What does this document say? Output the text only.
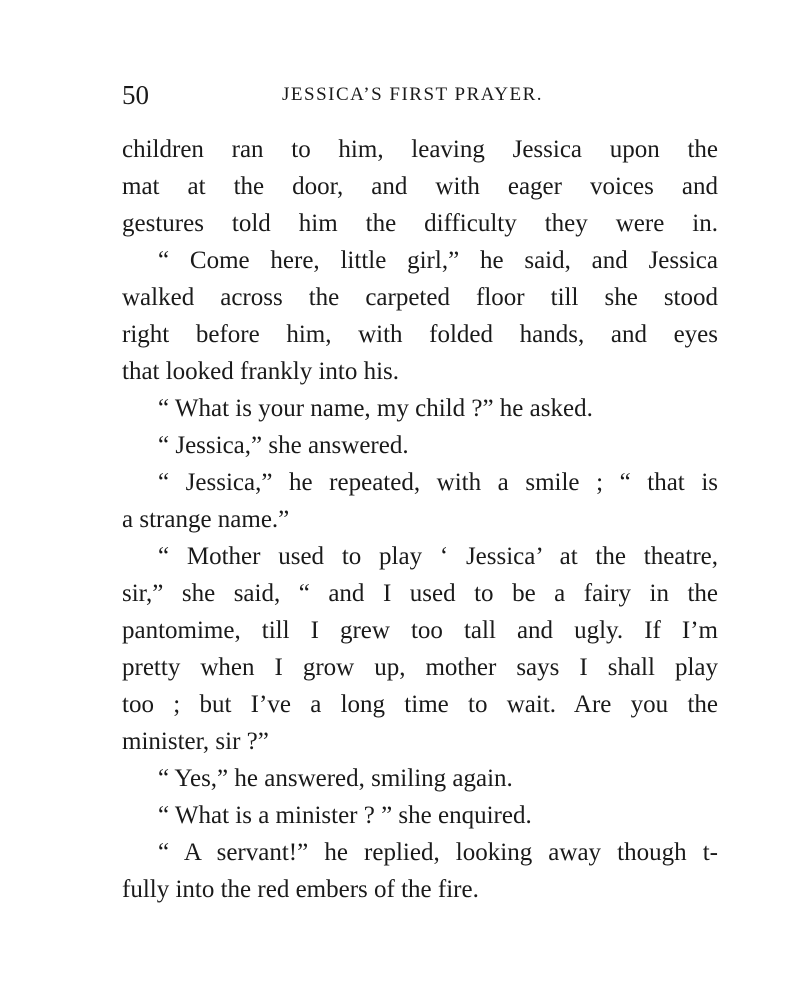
50	JESSICA’S FIRST PRAYER.
children ran to him, leaving Jessica upon the
mat at the door, and with eager voices and
gestures told him the difficulty they were in.
“ Come here, little girl,” he said, and Jessica
walked across the carpeted floor till she stood
right before him, with folded hands, and eyes
that looked frankly into his.
“ What is your name, my child ?” he asked.
“ Jessica,” she answered.
“ Jessica,” he repeated, with a smile ; “ that is
a strange name.”
“ Mother used to play ‘ Jessica’ at the theatre,
sir,” she said, “ and I used to be a fairy in the
pantomime, till I grew too tall and ugly. If I’m
pretty when I grow up, mother says I shall play
too ; but I’ve a long time to wait. Are you the
minister, sir ?”
“ Yes,” he answered, smiling again.
“ What is a minister ? ” she enquired.
“ A servant!” he replied, looking away though t-
fully into the red embers of the fire.
